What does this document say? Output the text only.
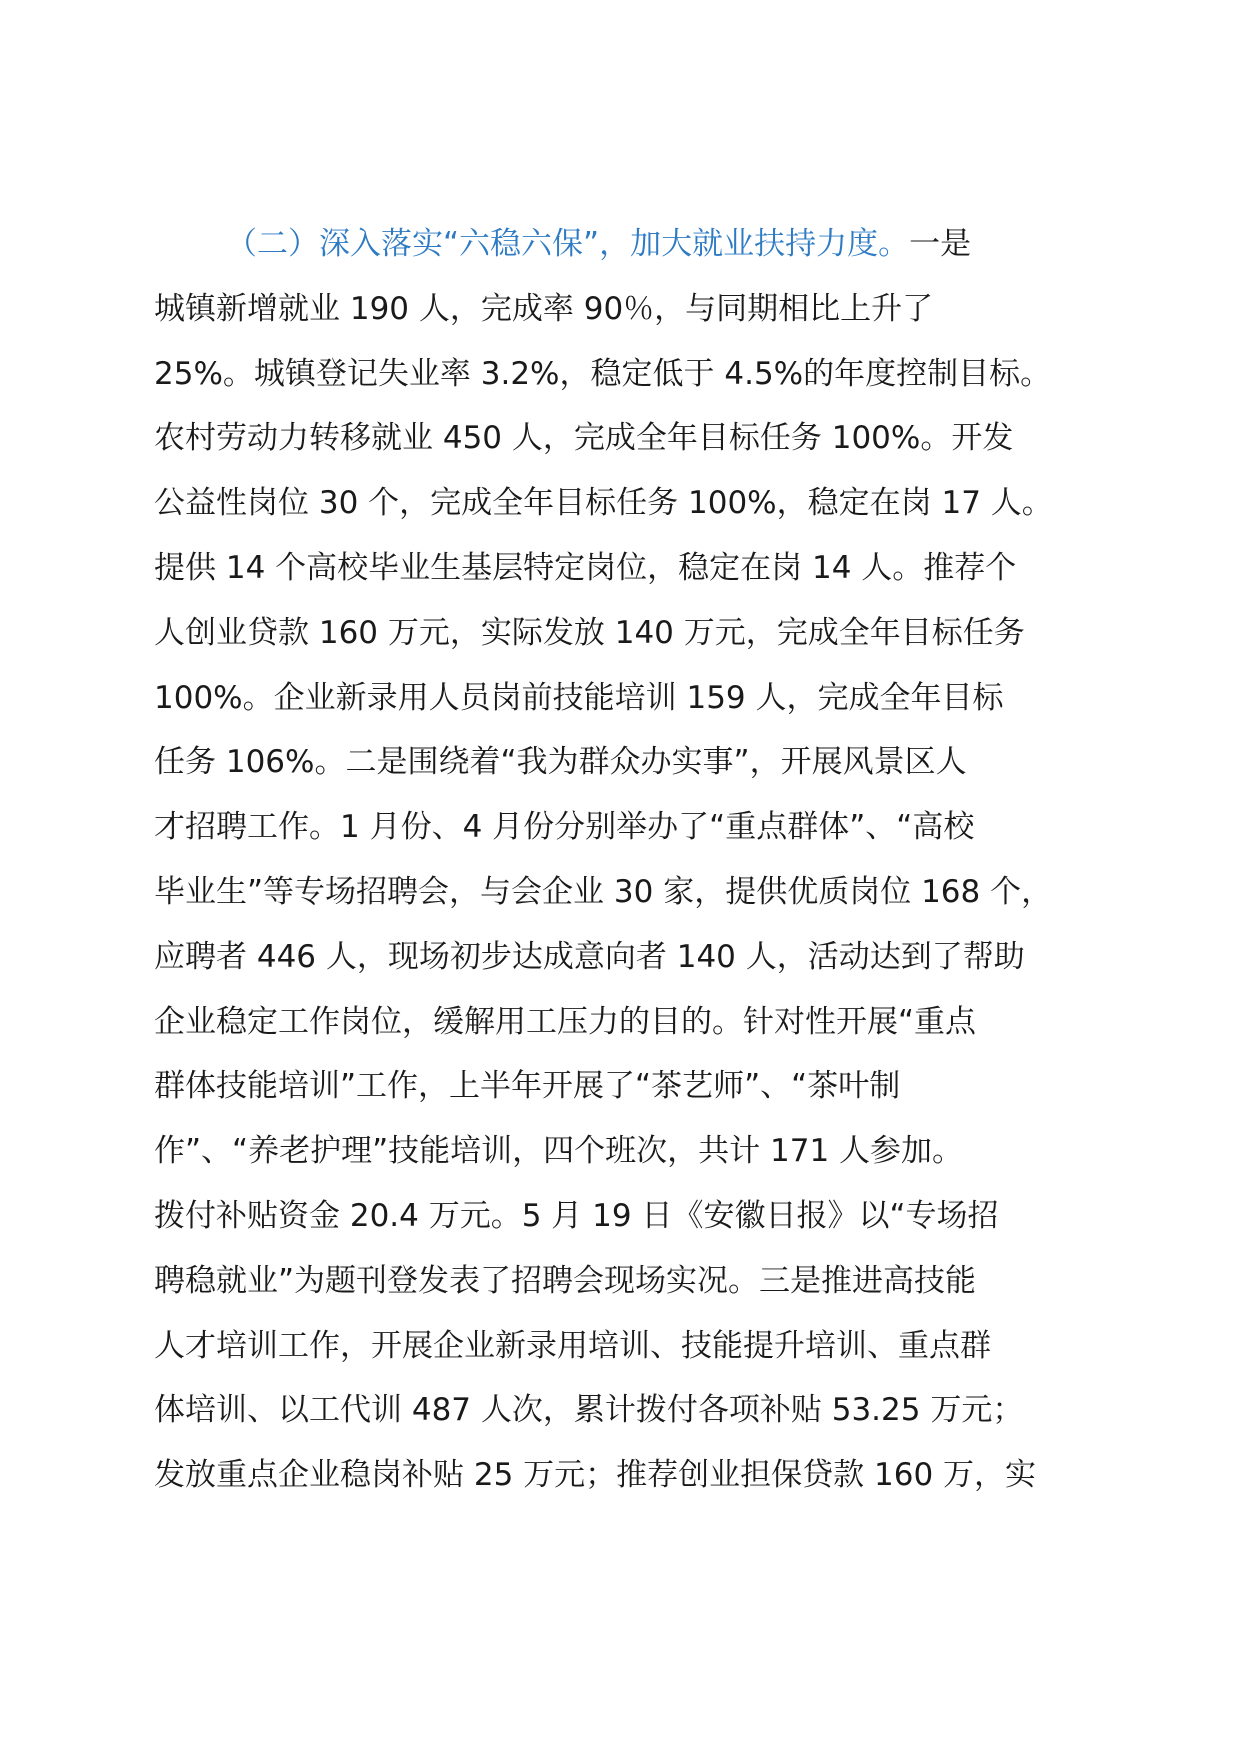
（二）深入落实“六稳六保”，加大就业扶持力度。一是
城镇新增就业 190 人，完成率 90％，与同期相比上升了
25%。城镇登记失业率 3.2%，稳定低于 4.5%的年度控制目标。
农村劳动力转移就业 450 人，完成全年目标任务 100%。开发
公益性岗位 30 个，完成全年目标任务 100%，稳定在岗 17 人。
提供 14 个高校毕业生基层特定岗位，稳定在岗 14 人。推荐个
人创业贷款 160 万元，实际发放 140 万元，完成全年目标任务
100%。企业新录用人员岗前技能培训 159 人，完成全年目标
任务 106%。二是围绕着“我为群众办实事”，开展风景区人
才招聘工作。1 月份、4 月份分别举办了“重点群体”、“高校
毕业生”等专场招聘会，与会企业 30 家，提供优质岗位 168 个，
应聘者 446 人，现场初步达成意向者 140 人，活动达到了帮助
企业稳定工作岗位，缓解用工压力的目的。针对性开展“重点
群体技能培训”工作，上半年开展了“茶艺师”、“茶叶制
作”、“养老护理”技能培训，四个班次，共计 171 人参加。
拨付补贴资金 20.4 万元。5 月 19 日《安徽日报》以“专场招
聘稳就业”为题刊登发表了招聘会现场实况。三是推进高技能
人才培训工作，开展企业新录用培训、技能提升培训、重点群
体培训、以工代训 487 人次，累计拨付各项补贴 53.25 万元；
发放重点企业稳岗补贴 25 万元；推荐创业担保贷款 160 万，实
